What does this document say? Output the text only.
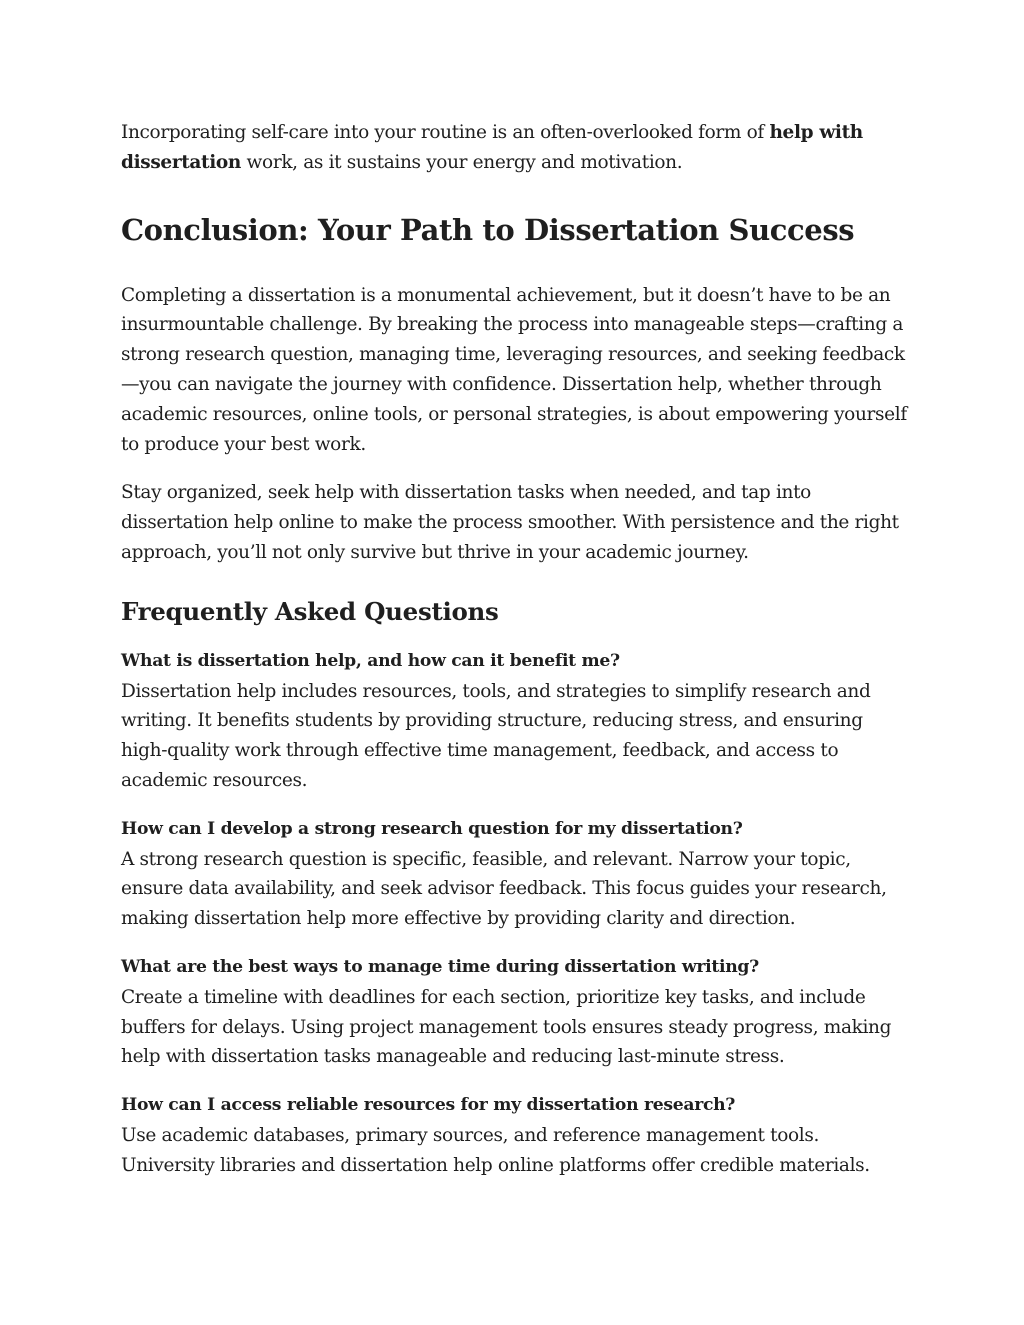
Incorporating self-care into your routine is an often-overlooked form of help with dissertation work, as it sustains your energy and motivation.

Conclusion: Your Path to Dissertation Success

Completing a dissertation is a monumental achievement, but it doesn’t have to be an insurmountable challenge. By breaking the process into manageable steps—crafting a strong research question, managing time, leveraging resources, and seeking feedback—you can navigate the journey with confidence. Dissertation help, whether through academic resources, online tools, or personal strategies, is about empowering yourself to produce your best work.

Stay organized, seek help with dissertation tasks when needed, and tap into dissertation help online to make the process smoother. With persistence and the right approach, you’ll not only survive but thrive in your academic journey.

Frequently Asked Questions

What is dissertation help, and how can it benefit me?
Dissertation help includes resources, tools, and strategies to simplify research and writing. It benefits students by providing structure, reducing stress, and ensuring high-quality work through effective time management, feedback, and access to academic resources.

How can I develop a strong research question for my dissertation?
A strong research question is specific, feasible, and relevant. Narrow your topic, ensure data availability, and seek advisor feedback. This focus guides your research, making dissertation help more effective by providing clarity and direction.

What are the best ways to manage time during dissertation writing?
Create a timeline with deadlines for each section, prioritize key tasks, and include buffers for delays. Using project management tools ensures steady progress, making help with dissertation tasks manageable and reducing last-minute stress.

How can I access reliable resources for my dissertation research?
Use academic databases, primary sources, and reference management tools. University libraries and dissertation help online platforms offer credible materials.
